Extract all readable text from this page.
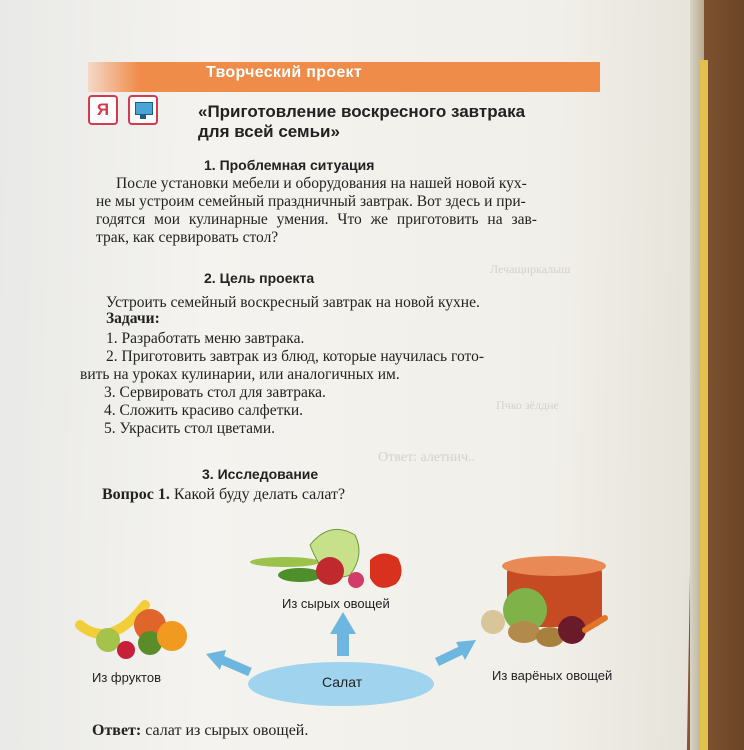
Лечащиркалыш
Ответ: алетнич..
Пчко зёлдне
Творческий проект
Я	«Приготовление воскресного завтрака
для всей семьи»
1. Проблемная ситуация
После установки мебели и оборудования на нашей новой кух-
не мы устроим семейный праздничный завтрак. Вот здесь и при-
годятся мои кулинарные умения. Что же приготовить на зав-
трак, как сервировать стол?
2. Цель проекта
Устроить семейный воскресный завтрак на новой кухне.
Задачи:
1. Разработать меню завтрака.
2. Приготовить завтрак из блюд, которые научилась гото-
вить на уроках кулинарии, или аналогичных им.
3. Сервировать стол для завтрака.
4. Сложить красиво салфетки.
5. Украсить стол цветами.
3. Исследование
Вопрос 1. Какой буду делать салат?
Из сырых овощей
Из фруктов	Из варёных овощей
Салат
Ответ: салат из сырых овощей.
